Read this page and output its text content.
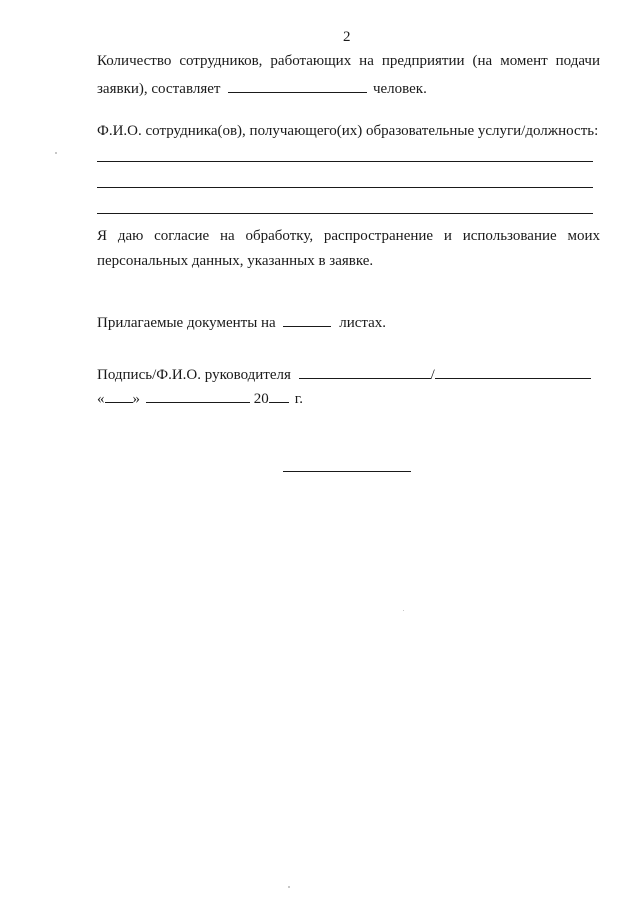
2
Количество сотрудников, работающих на предприятии (на момент подачи
заявки), составляет	человек.
Ф.И.О. сотрудника(ов), получающего(их) образовательные услуги/должность:
Я даю согласие на обработку, распространение и использование моих
персональных данных, указанных в заявке.
Прилагаемые документы на	листах.
Подпись/Ф.И.О. руководителя	/
« »	20 г.
